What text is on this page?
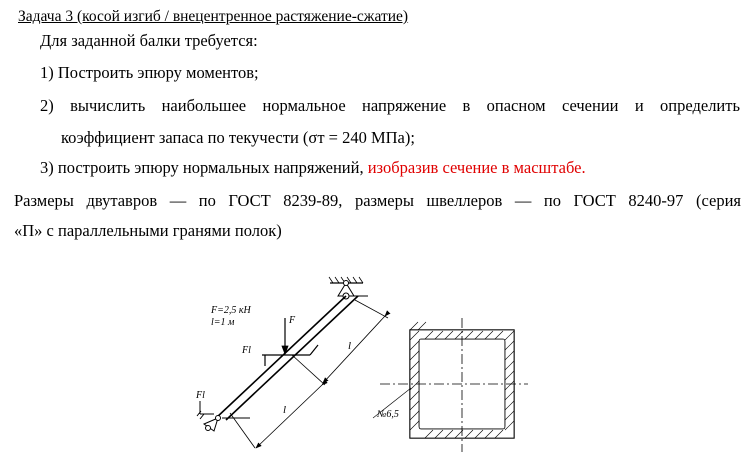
Задача 3 (косой изгиб / внецентренное растяжение-сжатие)
Для заданной балки требуется:
1) Построить эпюру моментов;
2) вычислить наибольшее нормальное напряжение в опасном сечении и определить
коэффициент запаса по текучести (σт = 240 МПа);
3) построить эпюру нормальных напряжений, изобразив сечение в масштабе.
Размеры двутавров — по ГОСТ 8239-89, размеры швеллеров — по ГОСТ 8240-97 (серия
«П» с параллельными гранями полок)
F=2,5 кН
l=1 м	F
Fl
Fl
l
l	№6,5
